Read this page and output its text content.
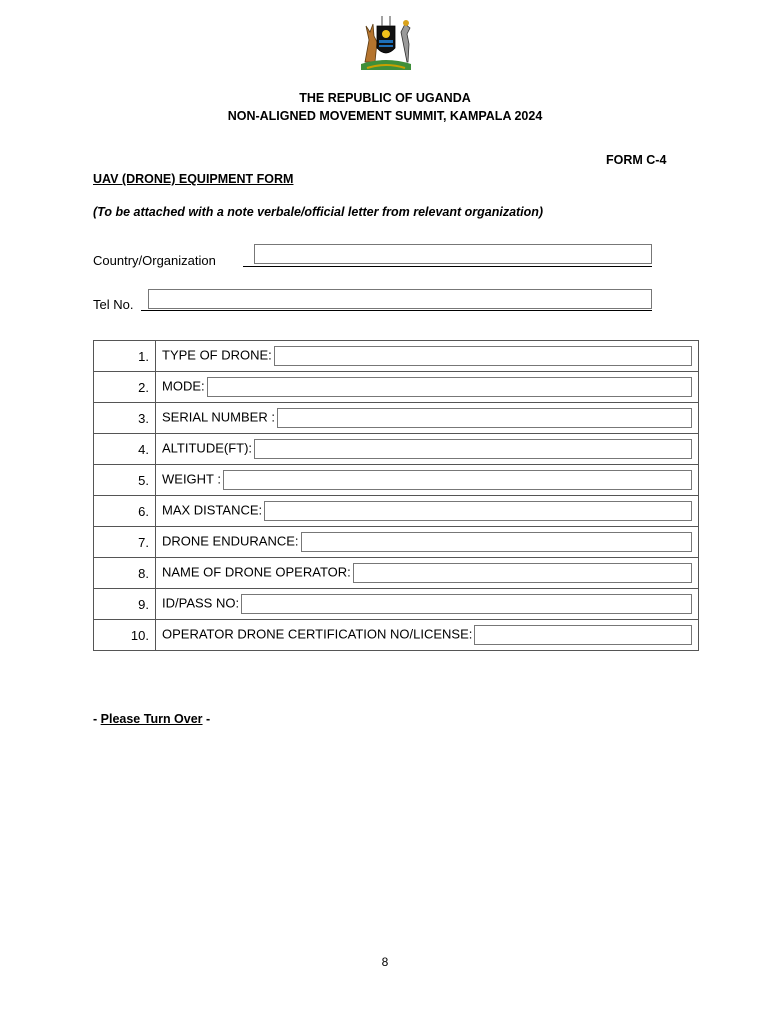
THE REPUBLIC OF UGANDA
NON-ALIGNED MOVEMENT SUMMIT, KAMPALA 2024
FORM C-4
UAV (DRONE) EQUIPMENT FORM
(To be attached with a note verbale/official letter from relevant organization)
Country/Organization
Tel No.
1.	TYPE OF DRONE:
2.	MODE:
3.	SERIAL NUMBER :
4.	ALTITUDE(FT):
5.	WEIGHT :
6.	MAX DISTANCE:
7.	DRONE ENDURANCE:
8.	NAME OF DRONE OPERATOR:
9.	ID/PASS NO:
10.	OPERATOR DRONE CERTIFICATION NO/LICENSE:
- Please Turn Over -
8
